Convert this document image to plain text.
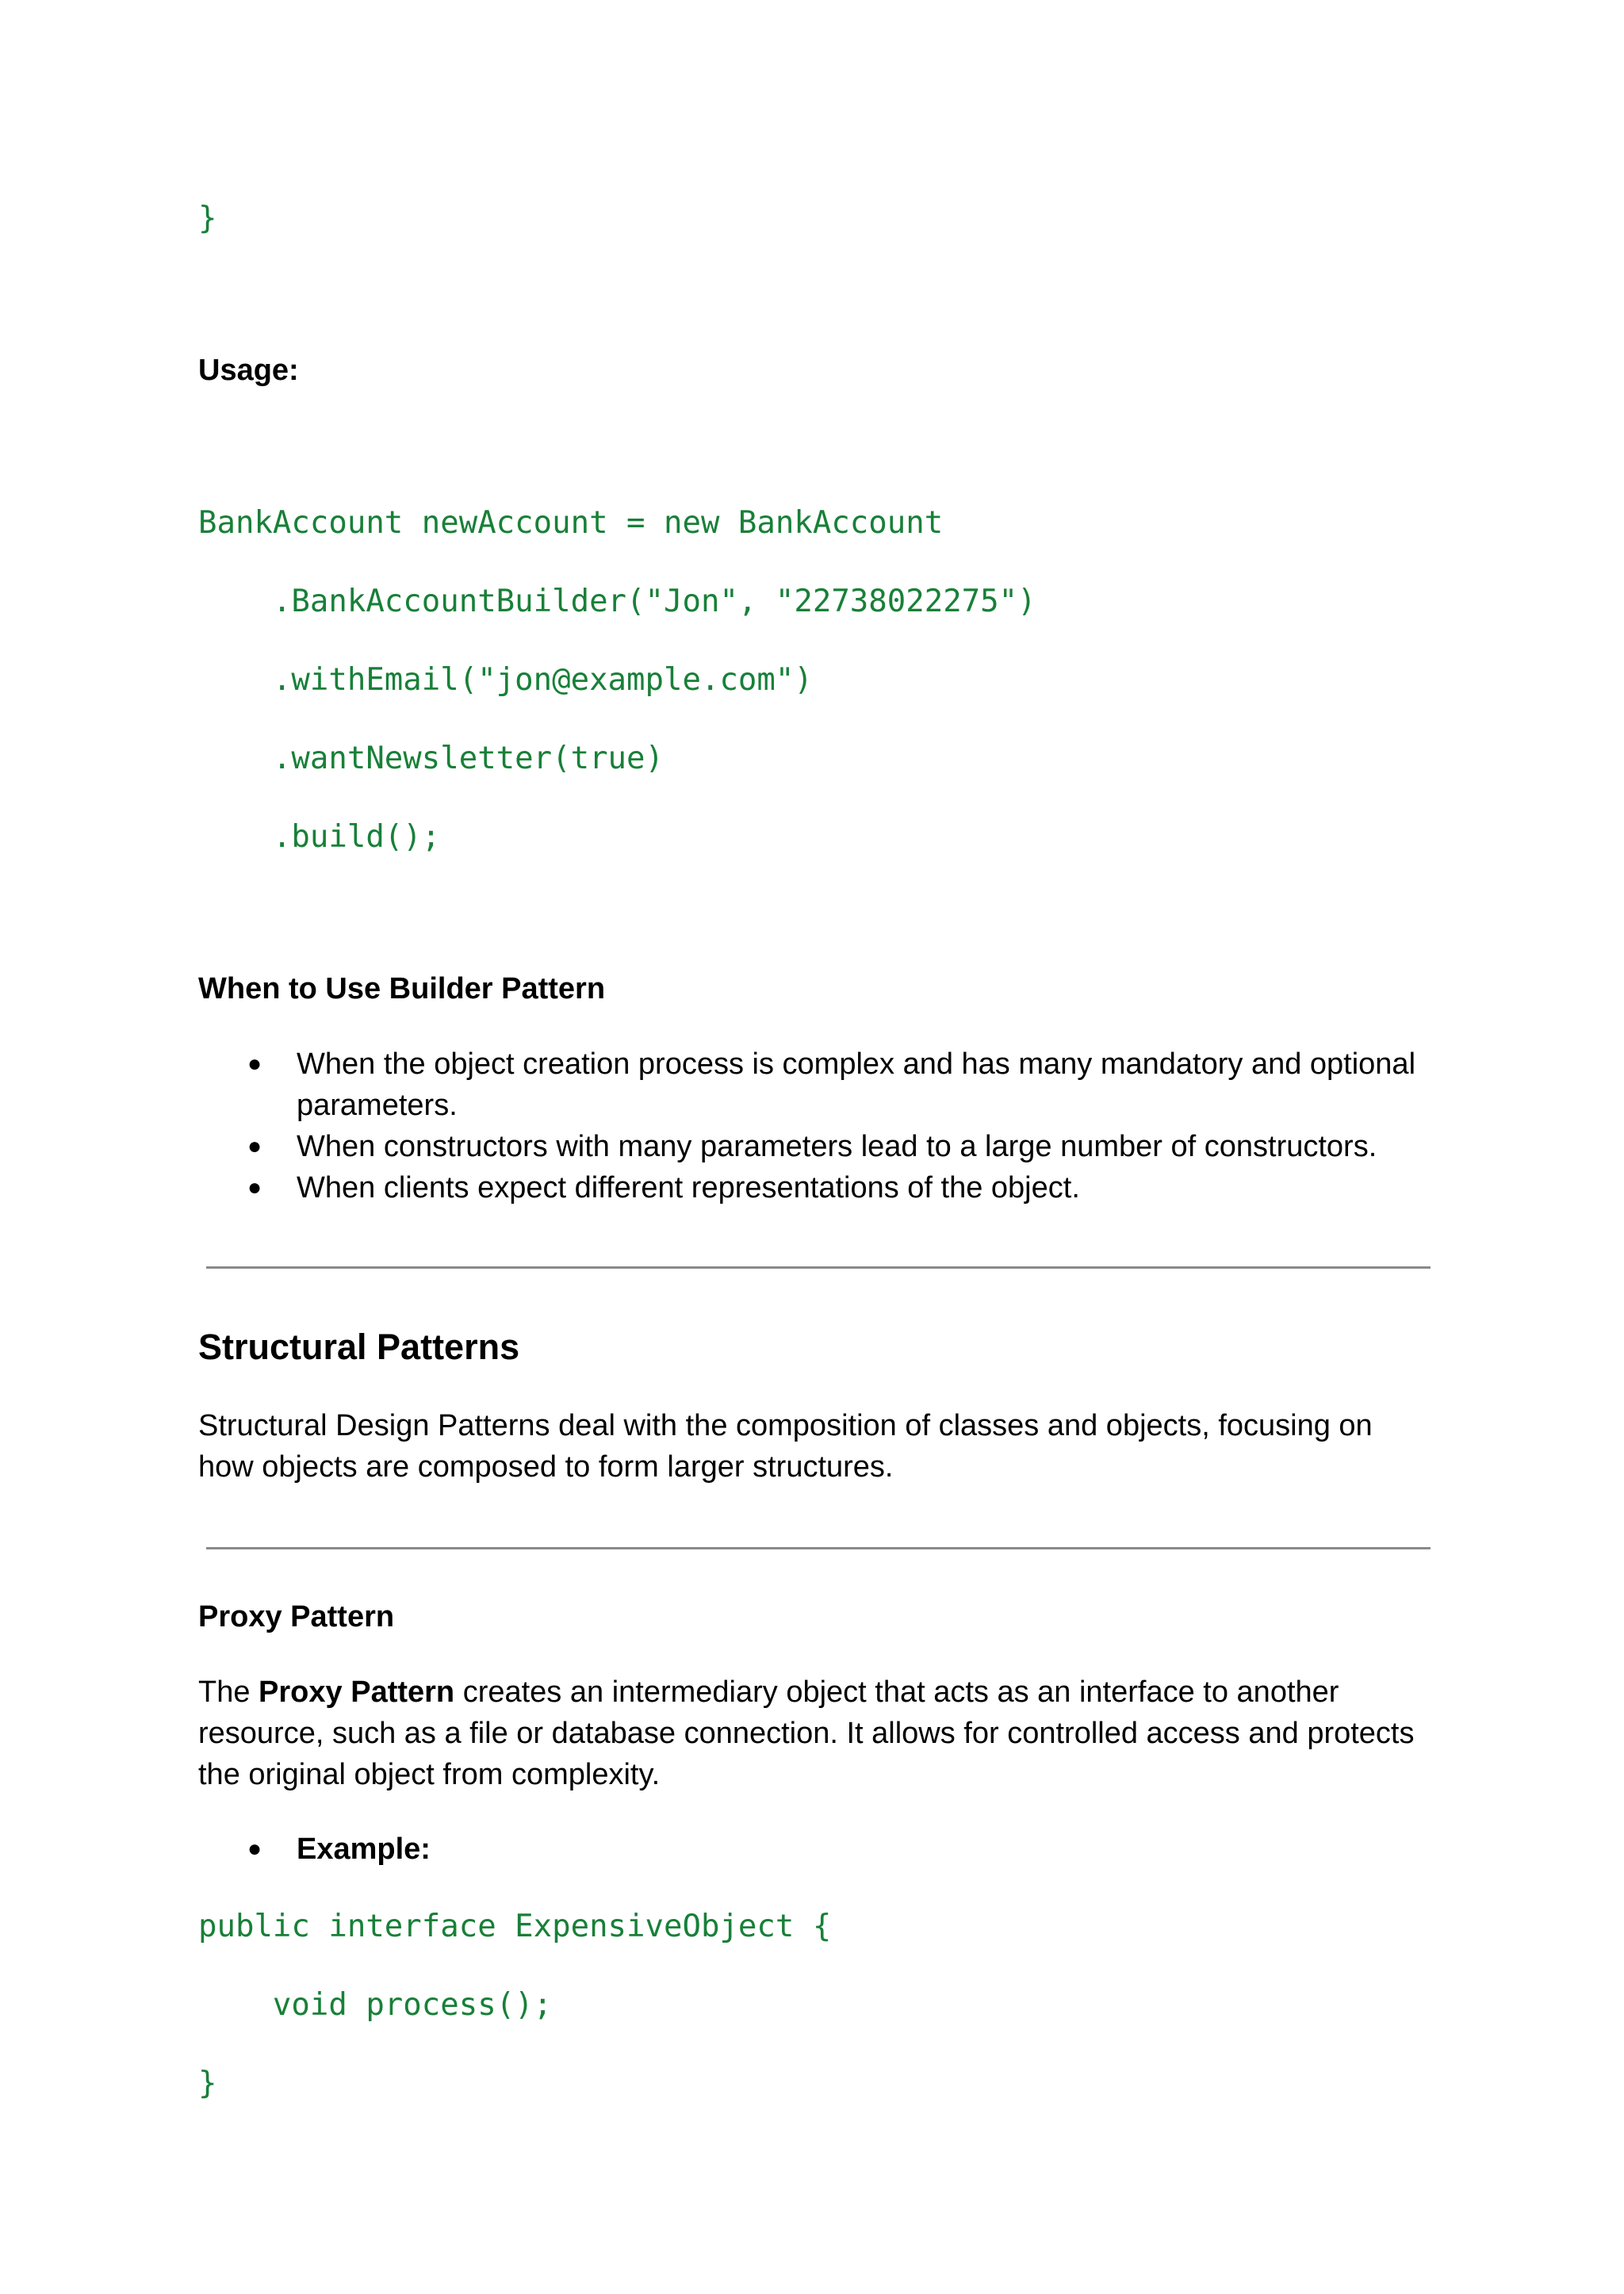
}
Usage:
BankAccount newAccount = new BankAccount
.BankAccountBuilder("Jon", "22738022275")
.withEmail("jon@example.com")
.wantNewsletter(true)
.build();
When to Use Builder Pattern
● When the object creation process is complex and has many mandatory and optional parameters.
● When constructors with many parameters lead to a large number of constructors.
● When clients expect different representations of the object.
Structural Patterns

Structural Design Patterns deal with the composition of classes and objects, focusing on how objects are composed to form larger structures.

Proxy Pattern

The Proxy Pattern creates an intermediary object that acts as an interface to another resource, such as a file or database connection. It allows for controlled access and protects the original object from complexity.

● Example:
public interface ExpensiveObject {
void process();
}
